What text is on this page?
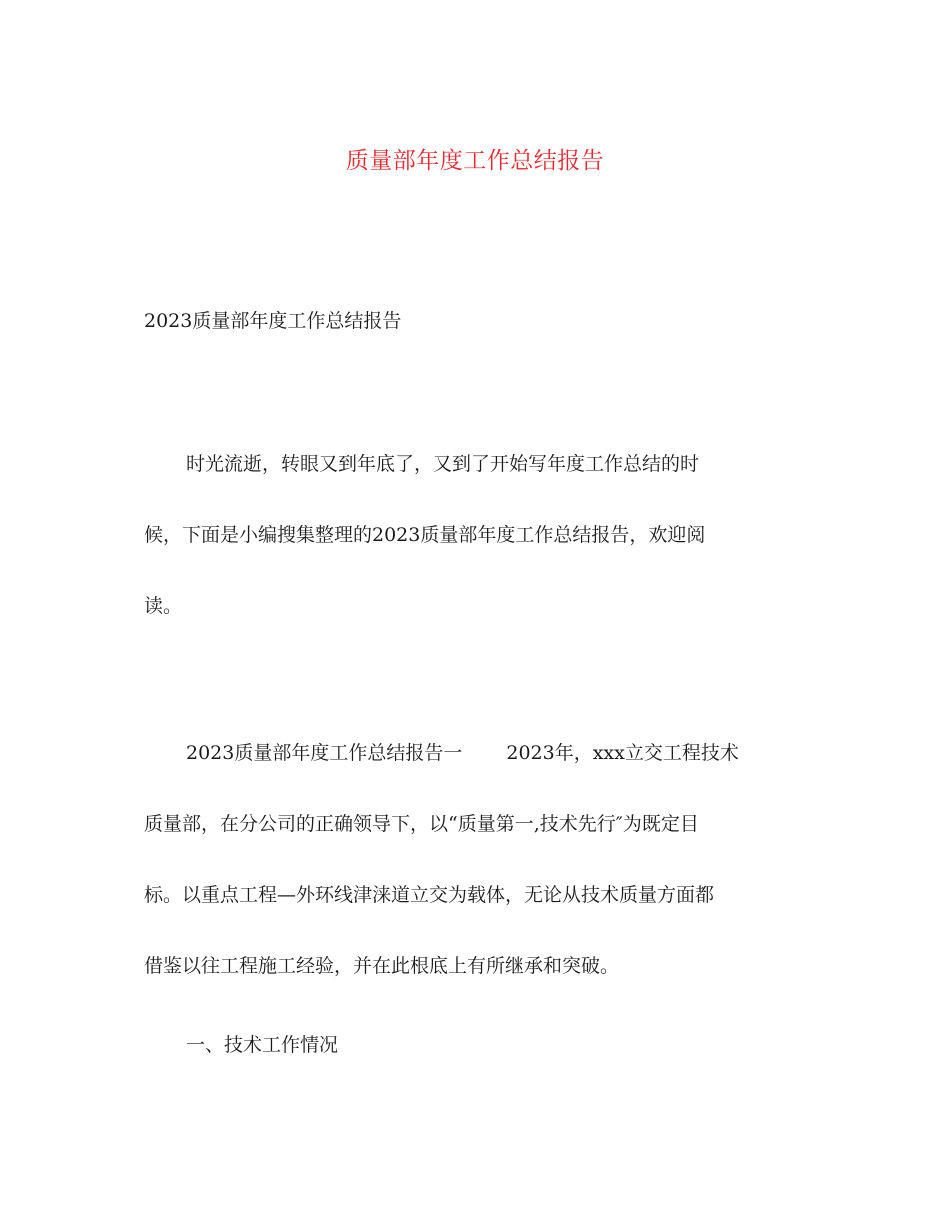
质量部年度工作总结报告
2023质量部年度工作总结报告

时光流逝，转眼又到年底了，又到了开始写年度工作总结的时
候，下面是小编搜集整理的2023质量部年度工作总结报告，欢迎阅
读。

2023质量部年度工作总结报告一 2023年，xxx立交工程技术
质量部，在分公司的正确领导下，以“质量第一,技术先行″为既定目
标。以重点工程—外环线津涞道立交为载体，无论从技术质量方面都
借鉴以往工程施工经验，并在此根底上有所继承和突破。

一、技术工作情况
